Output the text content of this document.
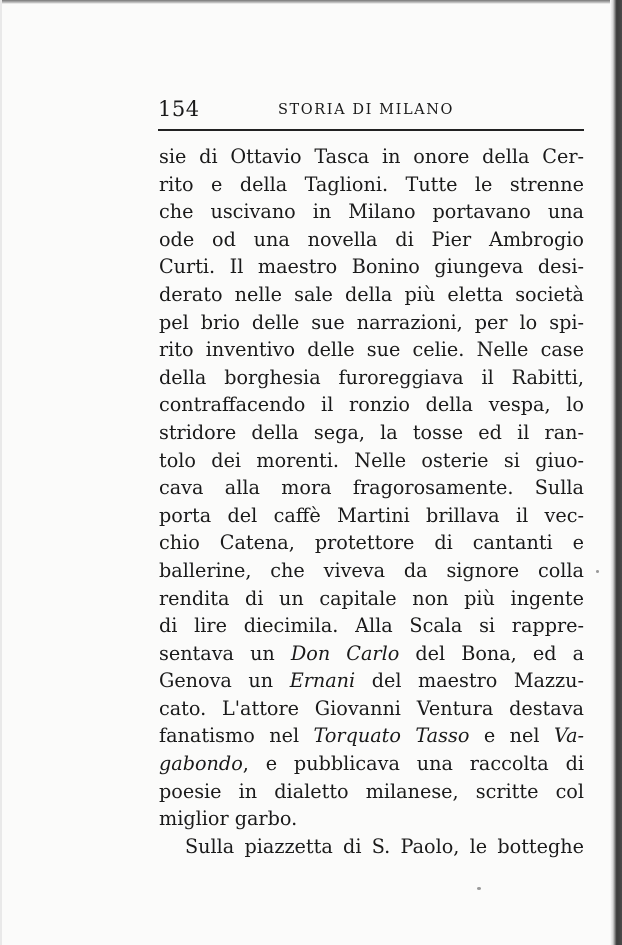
154	STORIA DI MILANO
sie di Ottavio Tasca in onore della Cer-
rito e della Taglioni. Tutte le strenne
che uscivano in Milano portavano una
ode od una novella di Pier Ambrogio
Curti. Il maestro Bonino giungeva desi-
derato nelle sale della più eletta società
pel brio delle sue narrazioni, per lo spi-
rito inventivo delle sue celie. Nelle case
della borghesia furoreggiava il Rabitti,
contraffacendo il ronzio della vespa, lo
stridore della sega, la tosse ed il ran-
tolo dei morenti. Nelle osterie si giuo-
cava alla mora fragorosamente. Sulla
porta del caffè Martini brillava il vec-
chio Catena, protettore di cantanti e
ballerine, che viveva da signore colla
rendita di un capitale non più ingente
di lire diecimila. Alla Scala si rappre-
sentava un Don Carlo del Bona, ed a
Genova un Ernani del maestro Mazzu-
cato. L'attore Giovanni Ventura destava
fanatismo nel Torquato Tasso e nel Va-
gabondo, e pubblicava una raccolta di
poesie in dialetto milanese, scritte col
miglior garbo.
Sulla piazzetta di S. Paolo, le botteghe
